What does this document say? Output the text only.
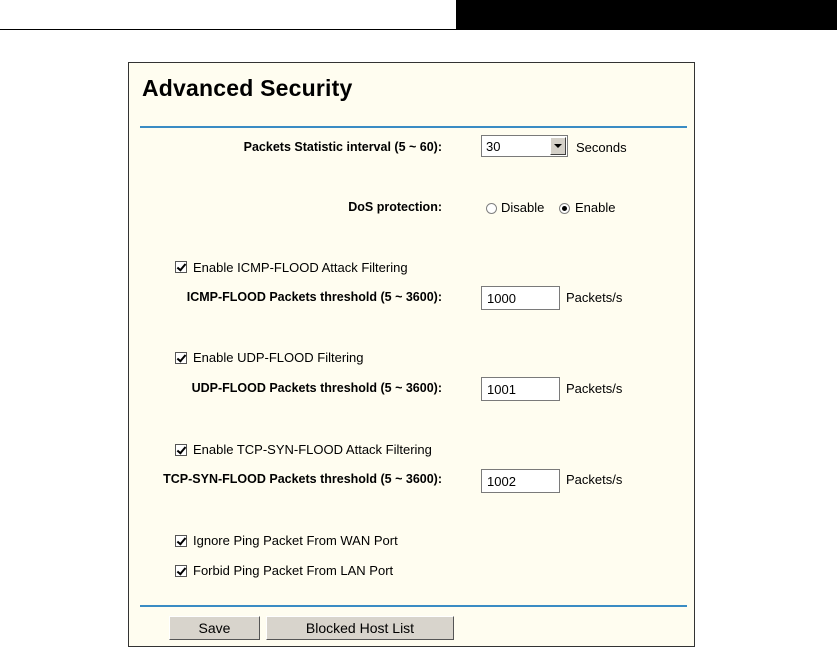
Advanced Security
Packets Statistic interval (5 ~ 60):	30	Seconds
DoS protection:	Disable Enable
Enable ICMP-FLOOD Attack Filtering
ICMP-FLOOD Packets threshold (5 ~ 3600):	1000	Packets/s
Enable UDP-FLOOD Filtering
UDP-FLOOD Packets threshold (5 ~ 3600):	1001	Packets/s
Enable TCP-SYN-FLOOD Attack Filtering
TCP-SYN-FLOOD Packets threshold (5 ~ 3600):	1002	Packets/s
Ignore Ping Packet From WAN Port
Forbid Ping Packet From LAN Port
Save	Blocked Host List
